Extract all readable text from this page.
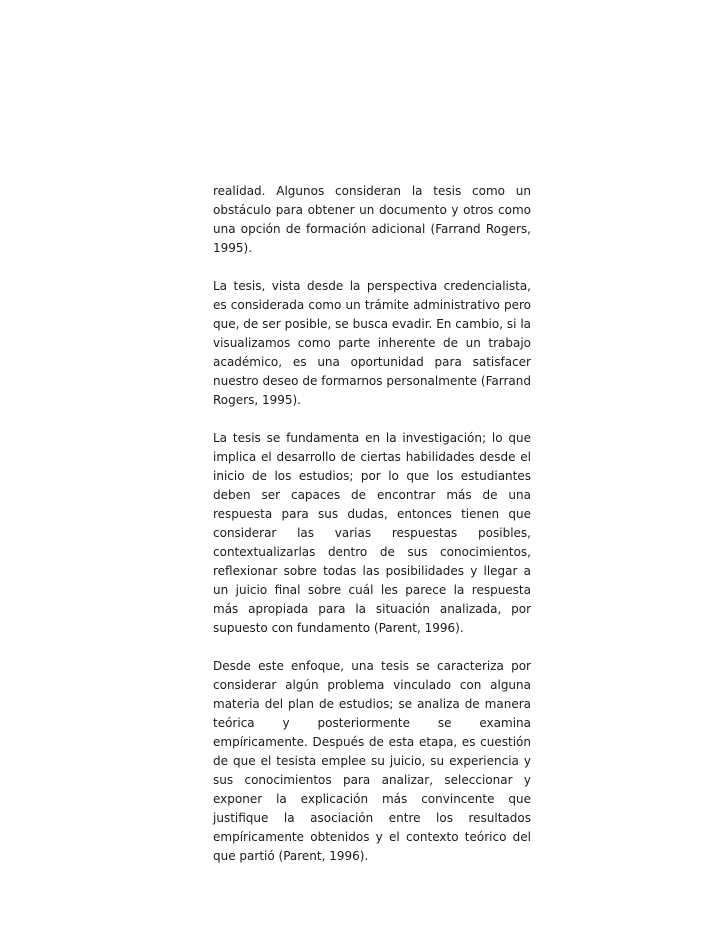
realidad. Algunos consideran la tesis como un obstáculo para obtener un documento y otros como una opción de formación adicional (Farrand Rogers, 1995).

La tesis, vista desde la perspectiva credencialista, es considerada como un trámite administrativo pero que, de ser posible, se busca evadir. En cambio, si la visualizamos como parte inherente de un trabajo académico, es una oportunidad para satisfacer nuestro deseo de formarnos personalmente (Farrand Rogers, 1995).

La tesis se fundamenta en la investigación; lo que implica el desarrollo de ciertas habilidades desde el inicio de los estudios; por lo que los estudiantes deben ser capaces de encontrar más de una respuesta para sus dudas, entonces tienen que considerar las varias respuestas posibles, contextualizarlas dentro de sus conocimientos, reflexionar sobre todas las posibilidades y llegar a un juicio final sobre cuál les parece la respuesta más apropiada para la situación analizada, por supuesto con fundamento (Parent, 1996).

Desde este enfoque, una tesis se caracteriza por considerar algún problema vinculado con alguna materia del plan de estudios; se analiza de manera teórica y posteriormente se examina empíricamente. Después de esta etapa, es cuestión de que el tesista emplee su juicio, su experiencia y sus conocimientos para analizar, seleccionar y exponer la explicación más convincente que justifique la asociación entre los resultados empíricamente obtenidos y el contexto teórico del que partió (Parent, 1996).
